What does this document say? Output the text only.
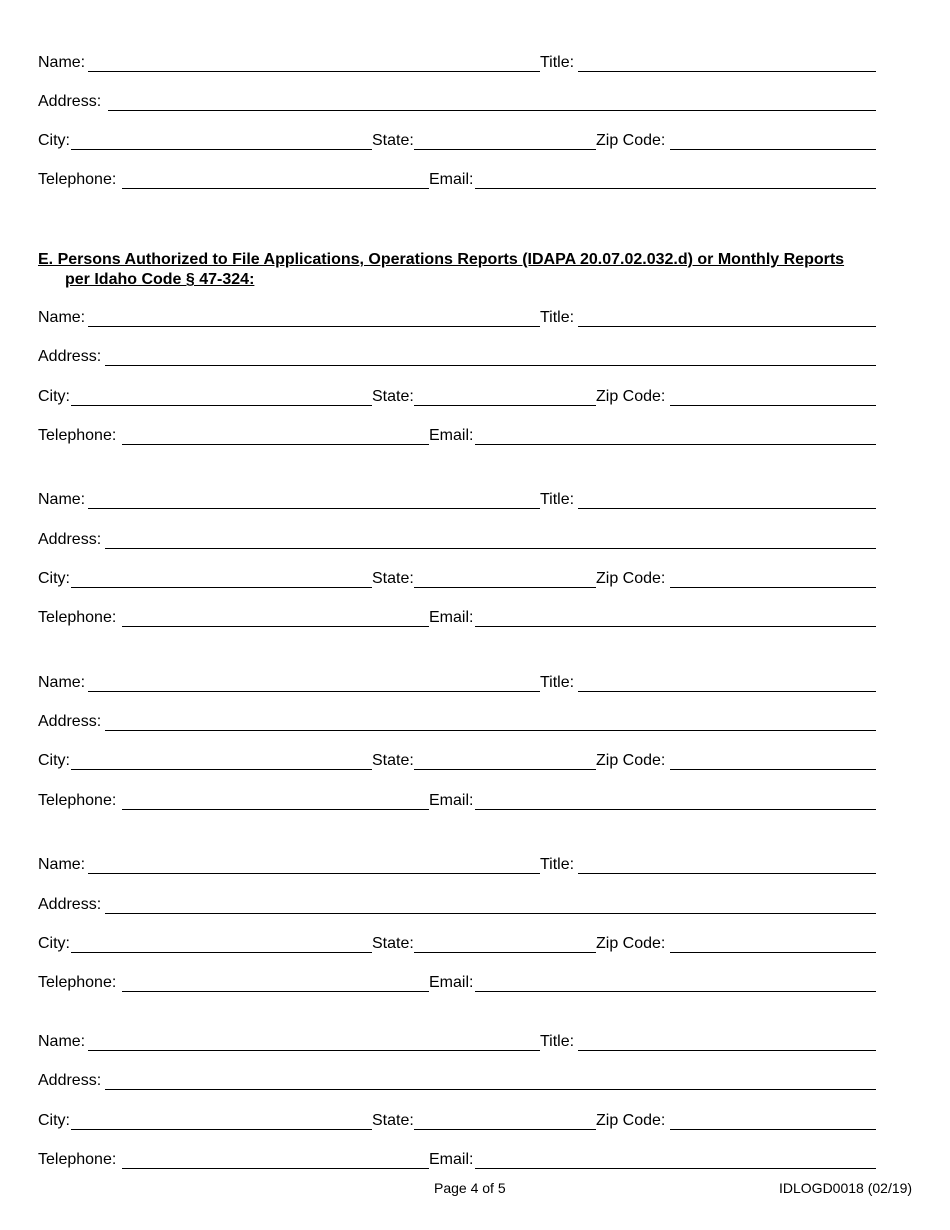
Name:	Title:
Address:
City:	State:	Zip Code:
Telephone:	Email:
E. Persons Authorized to File Applications, Operations Reports (IDAPA 20.07.02.032.d) or Monthly Reports
per Idaho Code § 47-324:
Name:	Title:
Address:
City:	State:	Zip Code:
Telephone:	Email:
Name:	Title:
Address:
City:	State:	Zip Code:
Telephone:	Email:
Name:	Title:
Address:
City:	State:	Zip Code:
Telephone:	Email:
Name:	Title:
Address:
City:	State:	Zip Code:
Telephone:	Email:
Name:	Title:
Address:
City:	State:	Zip Code:
Telephone:	Email:
Page 4 of 5	IDLOGD0018 (02/19)
